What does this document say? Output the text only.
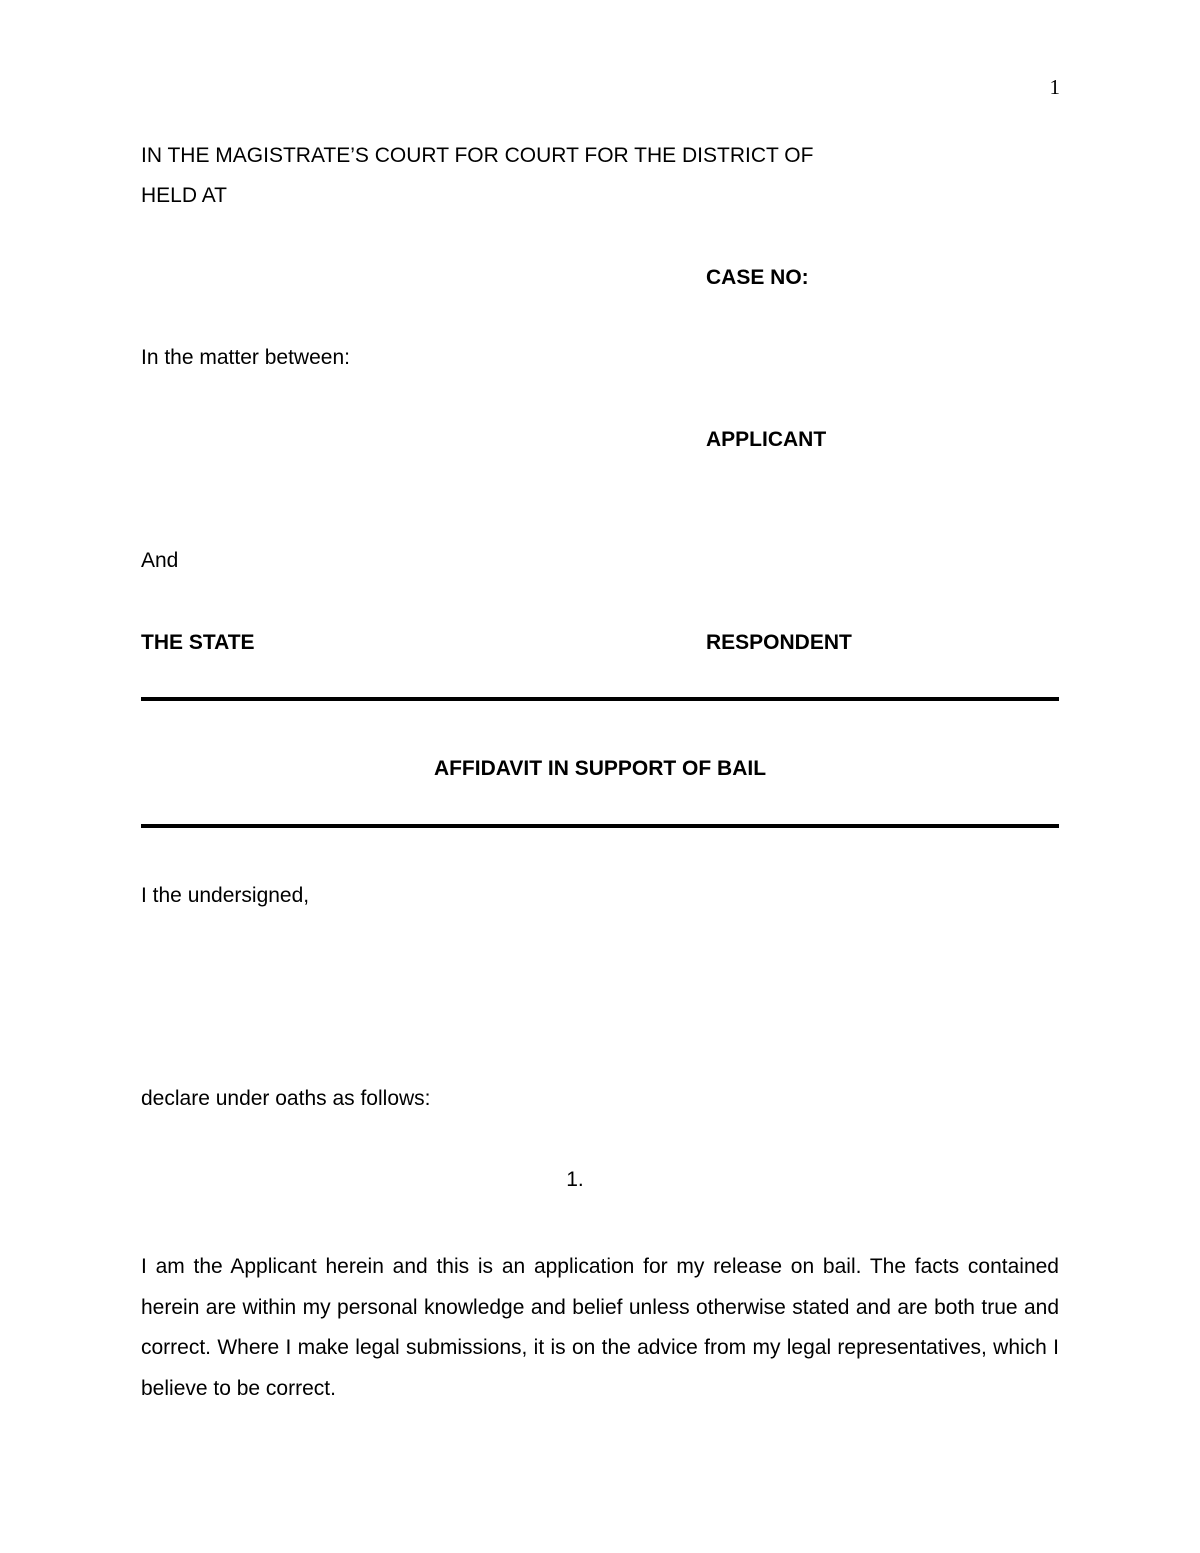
1
IN THE MAGISTRATE’S COURT FOR COURT FOR THE DISTRICT OF
HELD AT
CASE NO:
In the matter between:
APPLICANT
And
THE STATE	RESPONDENT
AFFIDAVIT IN SUPPORT OF BAIL
I the undersigned,
declare under oaths as follows:
1.
I am the Applicant herein and this is an application for my release on bail. The facts contained herein are within my personal knowledge and belief unless otherwise stated and are both true and correct. Where I make legal submissions, it is on the advice from my legal representatives, which I believe to be correct.
